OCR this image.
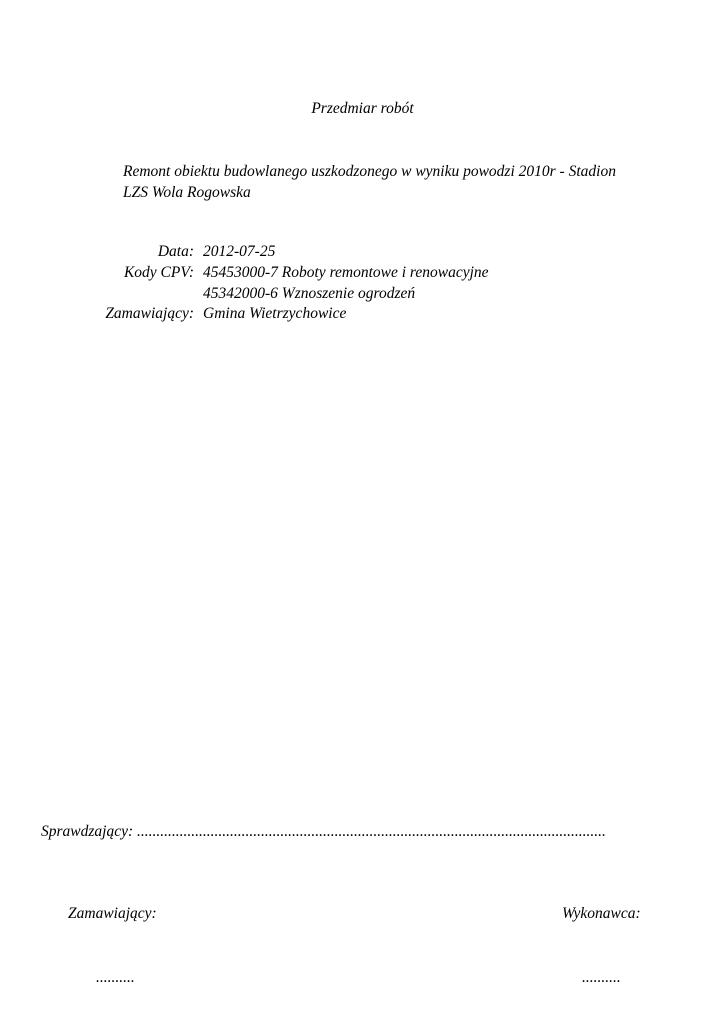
Przedmiar robót
Remont obiektu budowlanego uszkodzonego w wyniku powodzi 2010r - Stadion
LZS Wola Rogowska
Data: 2012-07-25
Kody CPV: 45453000-7 Roboty remontowe i renowacyjne
45342000-6 Wznoszenie ogrodzeń
Zamawiający: Gmina Wietrzychowice
Sprawdzający: .........................................................................................................................
Zamawiający:	Wykonawca:
..........	..........
